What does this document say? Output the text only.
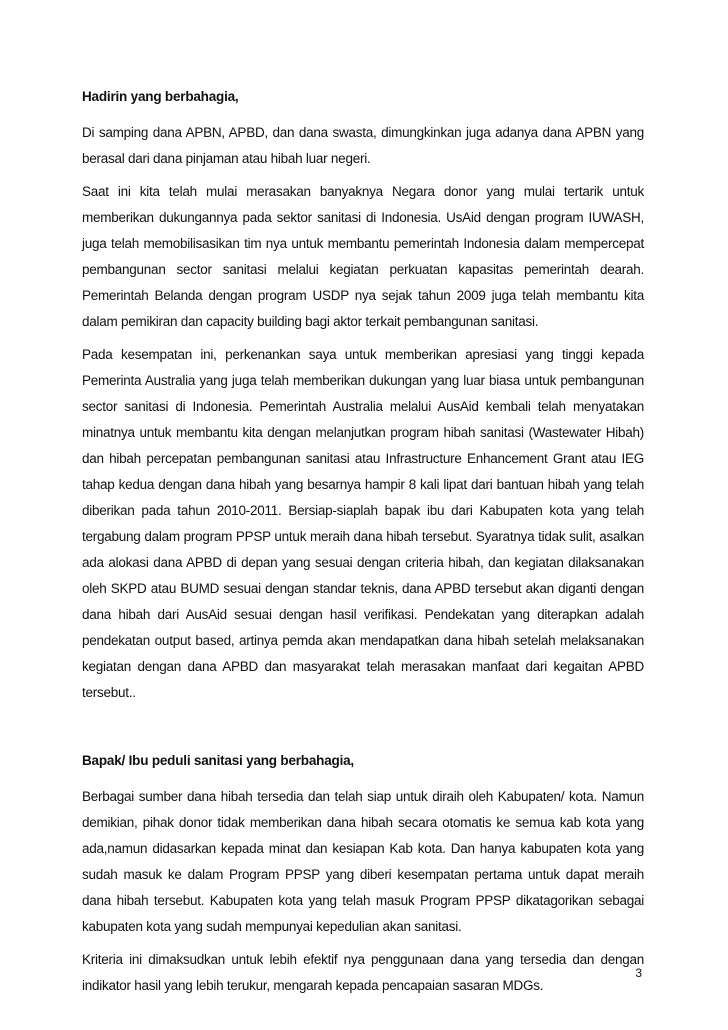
Hadirin yang berbahagia,

Di samping dana APBN, APBD, dan dana swasta, dimungkinkan juga adanya dana APBN yang berasal dari dana pinjaman atau hibah luar negeri.

Saat ini kita telah mulai merasakan banyaknya Negara donor yang mulai tertarik untuk memberikan dukungannya pada sektor sanitasi di Indonesia. UsAid dengan program IUWASH, juga telah memobilisasikan tim nya untuk membantu pemerintah Indonesia dalam mempercepat pembangunan sector sanitasi melalui kegiatan perkuatan kapasitas pemerintah dearah. Pemerintah Belanda dengan program USDP nya sejak tahun 2009 juga telah membantu kita dalam pemikiran dan capacity building bagi aktor terkait pembangunan sanitasi.

Pada kesempatan ini, perkenankan saya untuk memberikan apresiasi yang tinggi kepada Pemerinta Australia yang juga telah memberikan dukungan yang luar biasa untuk pembangunan sector sanitasi di Indonesia. Pemerintah Australia melalui AusAid kembali telah menyatakan minatnya untuk membantu kita dengan melanjutkan program hibah sanitasi (Wastewater Hibah) dan hibah percepatan pembangunan sanitasi atau Infrastructure Enhancement Grant atau IEG tahap kedua dengan dana hibah yang besarnya hampir 8 kali lipat dari bantuan hibah yang telah diberikan pada tahun 2010-2011. Bersiap-siaplah bapak ibu dari Kabupaten kota yang telah tergabung dalam program PPSP untuk meraih dana hibah tersebut. Syaratnya tidak sulit, asalkan ada alokasi dana APBD di depan yang sesuai dengan criteria hibah, dan kegiatan dilaksanakan oleh SKPD atau BUMD sesuai dengan standar teknis, dana APBD tersebut akan diganti dengan dana hibah dari AusAid sesuai dengan hasil verifikasi. Pendekatan yang diterapkan adalah pendekatan output based, artinya pemda akan mendapatkan dana hibah setelah melaksanakan kegiatan dengan dana APBD dan masyarakat telah merasakan manfaat dari kegaitan APBD tersebut..

Bapak/ Ibu peduli sanitasi yang berbahagia,

Berbagai sumber dana hibah tersedia dan telah siap untuk diraih oleh Kabupaten/ kota. Namun demikian, pihak donor tidak memberikan dana hibah secara otomatis ke semua kab kota yang ada,namun didasarkan kepada minat dan kesiapan Kab kota. Dan hanya kabupaten kota yang sudah masuk ke dalam Program PPSP yang diberi kesempatan pertama untuk dapat meraih dana hibah tersebut. Kabupaten kota yang telah masuk Program PPSP dikatagorikan sebagai kabupaten kota yang sudah mempunyai kepedulian akan sanitasi.

Kriteria ini dimaksudkan untuk lebih efektif nya penggunaan dana yang tersedia dan dengan indikator hasil yang lebih terukur, mengarah kepada pencapaian sasaran MDGs.

3
